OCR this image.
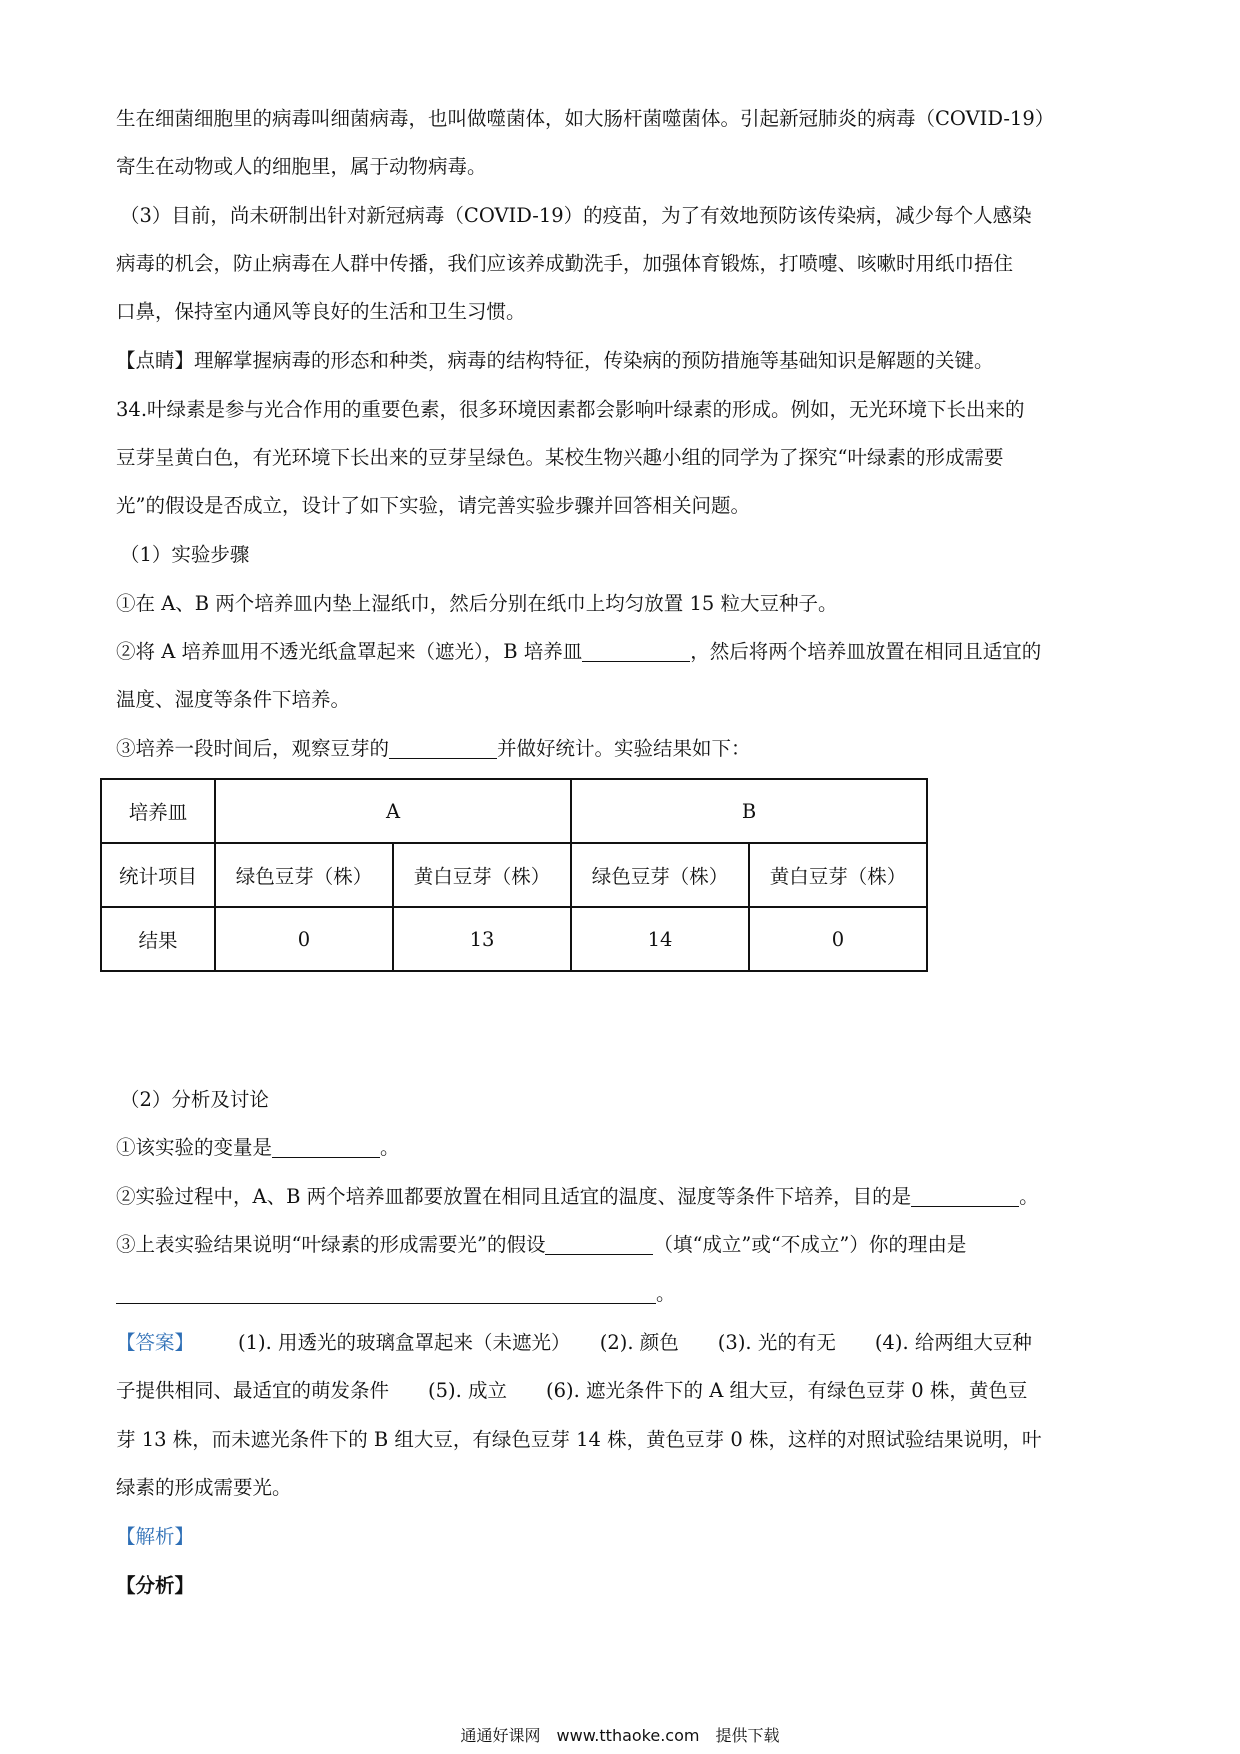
生在细菌细胞里的病毒叫细菌病毒，也叫做噬菌体，如大肠杆菌噬菌体。引起新冠肺炎的病毒（COVID-19）
寄生在动物或人的细胞里，属于动物病毒。
（3）目前，尚未研制出针对新冠病毒（COVID-19）的疫苗，为了有效地预防该传染病，减少每个人感染
病毒的机会，防止病毒在人群中传播，我们应该养成勤洗手，加强体育锻炼，打喷嚏、咳嗽时用纸巾捂住
口鼻，保持室内通风等良好的生活和卫生习惯。
【点睛】理解掌握病毒的形态和种类，病毒的结构特征，传染病的预防措施等基础知识是解题的关键。
34.叶绿素是参与光合作用的重要色素，很多环境因素都会影响叶绿素的形成。例如，无光环境下长出来的
豆芽呈黄白色，有光环境下长出来的豆芽呈绿色。某校生物兴趣小组的同学为了探究“叶绿素的形成需要
光”的假设是否成立，设计了如下实验，请完善实验步骤并回答相关问题。
（1）实验步骤
①在 A、B 两个培养皿内垫上湿纸巾，然后分别在纸巾上均匀放置 15 粒大豆种子。
②将 A 培养皿用不透光纸盒罩起来（遮光），B 培养皿	，然后将两个培养皿放置在相同且适宜的
温度、湿度等条件下培养。
③培养一段时间后，观察豆芽的	并做好统计。实验结果如下：
培养皿	A		B	
统计项目	绿色豆芽（株）	黄白豆芽（株）	绿色豆芽（株）	黄白豆芽（株）
结果	0	13	14	0
（2）分析及讨论
①该实验的变量是	。
②实验过程中，A、B 两个培养皿都要放置在相同且适宜的温度、湿度等条件下培养，目的是	。
③上表实验结果说明“叶绿素的形成需要光”的假设	（填“成立”或“不成立”）你的理由是
。
【答案】 (1). 用透光的玻璃盒罩起来（未遮光）　　(2). 颜色　　(3). 光的有无　　(4). 给两组大豆种
子提供相同、最适宜的萌发条件　　(5). 成立　　(6). 遮光条件下的 A 组大豆，有绿色豆芽 0 株，黄色豆
芽 13 株，而未遮光条件下的 B 组大豆，有绿色豆芽 14 株，黄色豆芽 0 株，这样的对照试验结果说明，叶
绿素的形成需要光。
【解析】
【分析】
通通好课网　www.tthaoke.com　提供下载
